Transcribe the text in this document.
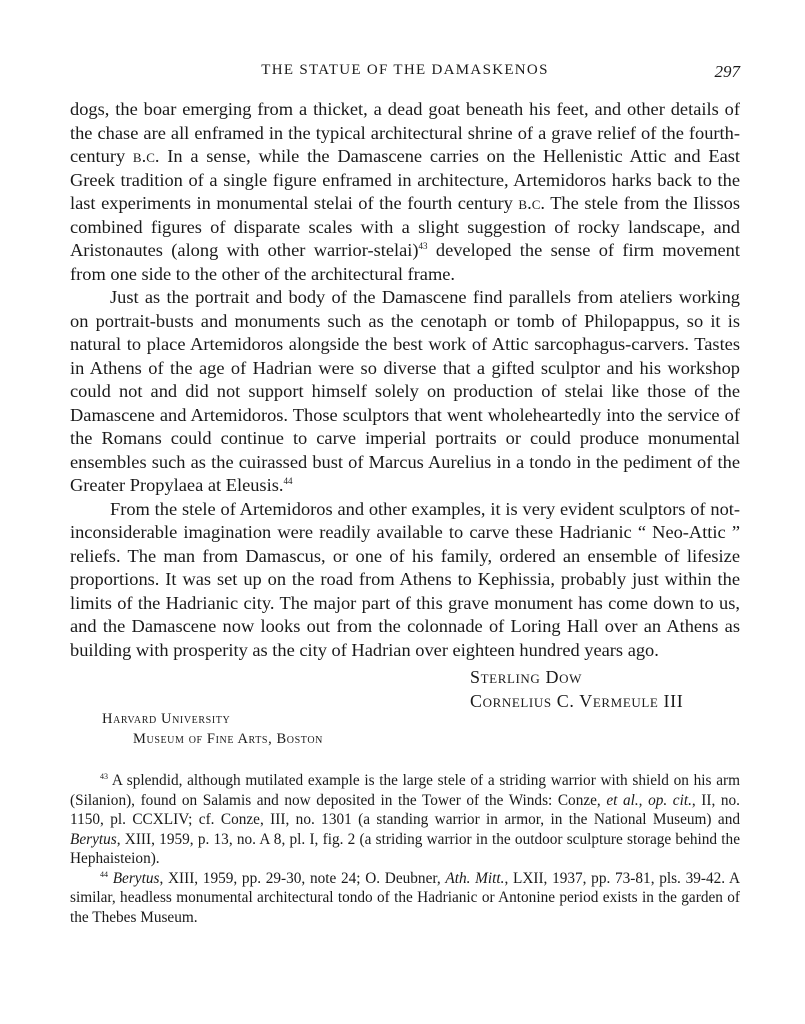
THE STATUE OF THE DAMASKENOS	297

dogs, the boar emerging from a thicket, a dead goat beneath his feet, and other details of the chase are all enframed in the typical architectural shrine of a grave relief of the fourth-century b.c. In a sense, while the Damascene carries on the Hellenistic Attic and East Greek tradition of a single figure enframed in architecture, Artemidoros harks back to the last experiments in monumental stelai of the fourth century b.c. The stele from the Ilissos combined figures of disparate scales with a slight suggestion of rocky landscape, and Aristonautes (along with other warrior-stelai)$^{43}$ developed the sense of firm movement from one side to the other of the architectural frame.

Just as the portrait and body of the Damascene find parallels from ateliers working on portrait-busts and monuments such as the cenotaph or tomb of Philopappus, so it is natural to place Artemidoros alongside the best work of Attic sarcophagus-carvers. Tastes in Athens of the age of Hadrian were so diverse that a gifted sculptor and his workshop could not and did not support himself solely on production of stelai like those of the Damascene and Artemidoros. Those sculptors that went wholeheartedly into the service of the Romans could continue to carve imperial portraits or could produce monumental ensembles such as the cuirassed bust of Marcus Aurelius in a tondo in the pediment of the Greater Propylaea at Eleusis.$^{44}$

From the stele of Artemidoros and other examples, it is very evident sculptors of not-inconsiderable imagination were readily available to carve these Hadrianic “ Neo-Attic ” reliefs. The man from Damascus, or one of his family, ordered an ensemble of lifesize proportions. It was set up on the road from Athens to Kephissia, probably just within the limits of the Hadrianic city. The major part of this grave monument has come down to us, and the Damascene now looks out from the colonnade of Loring Hall over an Athens as building with prosperity as the city of Hadrian over eighteen hundred years ago.

Sterling Dow
Cornelius C. Vermeule III
Harvard University
Museum of Fine Arts, Boston

$^{43}$ A splendid, although mutilated example is the large stele of a striding warrior with shield on his arm (Silanion), found on Salamis and now deposited in the Tower of the Winds: Conze, et al., op. cit., II, no. 1150, pl. CCXLIV; cf. Conze, III, no. 1301 (a standing warrior in armor, in the National Museum) and Berytus, XIII, 1959, p. 13, no. A 8, pl. I, fig. 2 (a striding warrior in the outdoor sculpture storage behind the Hephaisteion).

$^{44}$ Berytus, XIII, 1959, pp. 29-30, note 24; O. Deubner, Ath. Mitt., LXII, 1937, pp. 73-81, pls. 39-42. A similar, headless monumental architectural tondo of the Hadrianic or Antonine period exists in the garden of the Thebes Museum.
